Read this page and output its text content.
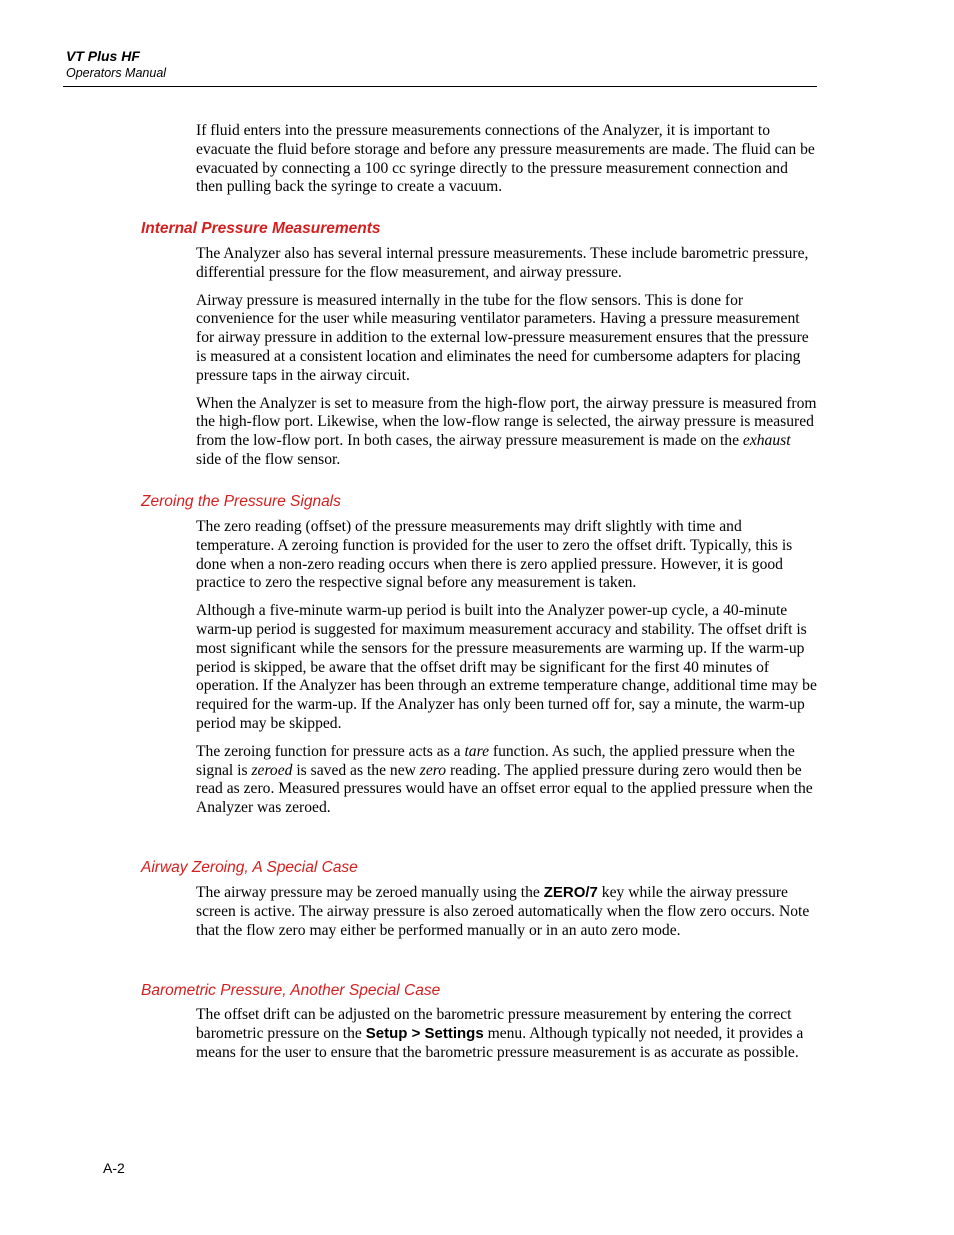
VT Plus HF
Operators Manual

If fluid enters into the pressure measurements connections of the Analyzer, it is important to evacuate the fluid before storage and before any pressure measurements are made. The fluid can be evacuated by connecting a 100 cc syringe directly to the pressure measurement connection and then pulling back the syringe to create a vacuum.

Internal Pressure Measurements

The Analyzer also has several internal pressure measurements. These include barometric pressure, differential pressure for the flow measurement, and airway pressure.

Airway pressure is measured internally in the tube for the flow sensors. This is done for convenience for the user while measuring ventilator parameters. Having a pressure measurement for airway pressure in addition to the external low-pressure measurement ensures that the pressure is measured at a consistent location and eliminates the need for cumbersome adapters for placing pressure taps in the airway circuit.

When the Analyzer is set to measure from the high-flow port, the airway pressure is measured from the high-flow port. Likewise, when the low-flow range is selected, the airway pressure is measured from the low-flow port. In both cases, the airway pressure measurement is made on the exhaust side of the flow sensor.

Zeroing the Pressure Signals

The zero reading (offset) of the pressure measurements may drift slightly with time and temperature. A zeroing function is provided for the user to zero the offset drift. Typically, this is done when a non-zero reading occurs when there is zero applied pressure. However, it is good practice to zero the respective signal before any measurement is taken.

Although a five-minute warm-up period is built into the Analyzer power-up cycle, a 40-minute warm-up period is suggested for maximum measurement accuracy and stability. The offset drift is most significant while the sensors for the pressure measurements are warming up. If the warm-up period is skipped, be aware that the offset drift may be significant for the first 40 minutes of operation. If the Analyzer has been through an extreme temperature change, additional time may be required for the warm-up. If the Analyzer has only been turned off for, say a minute, the warm-up period may be skipped.

The zeroing function for pressure acts as a tare function. As such, the applied pressure when the signal is zeroed is saved as the new zero reading. The applied pressure during zero would then be read as zero. Measured pressures would have an offset error equal to the applied pressure when the Analyzer was zeroed.

Airway Zeroing, A Special Case

The airway pressure may be zeroed manually using the ZERO/7 key while the airway pressure screen is active. The airway pressure is also zeroed automatically when the flow zero occurs. Note that the flow zero may either be performed manually or in an auto zero mode.

Barometric Pressure, Another Special Case

The offset drift can be adjusted on the barometric pressure measurement by entering the correct barometric pressure on the Setup > Settings menu. Although typically not needed, it provides a means for the user to ensure that the barometric pressure measurement is as accurate as possible.

A-2
